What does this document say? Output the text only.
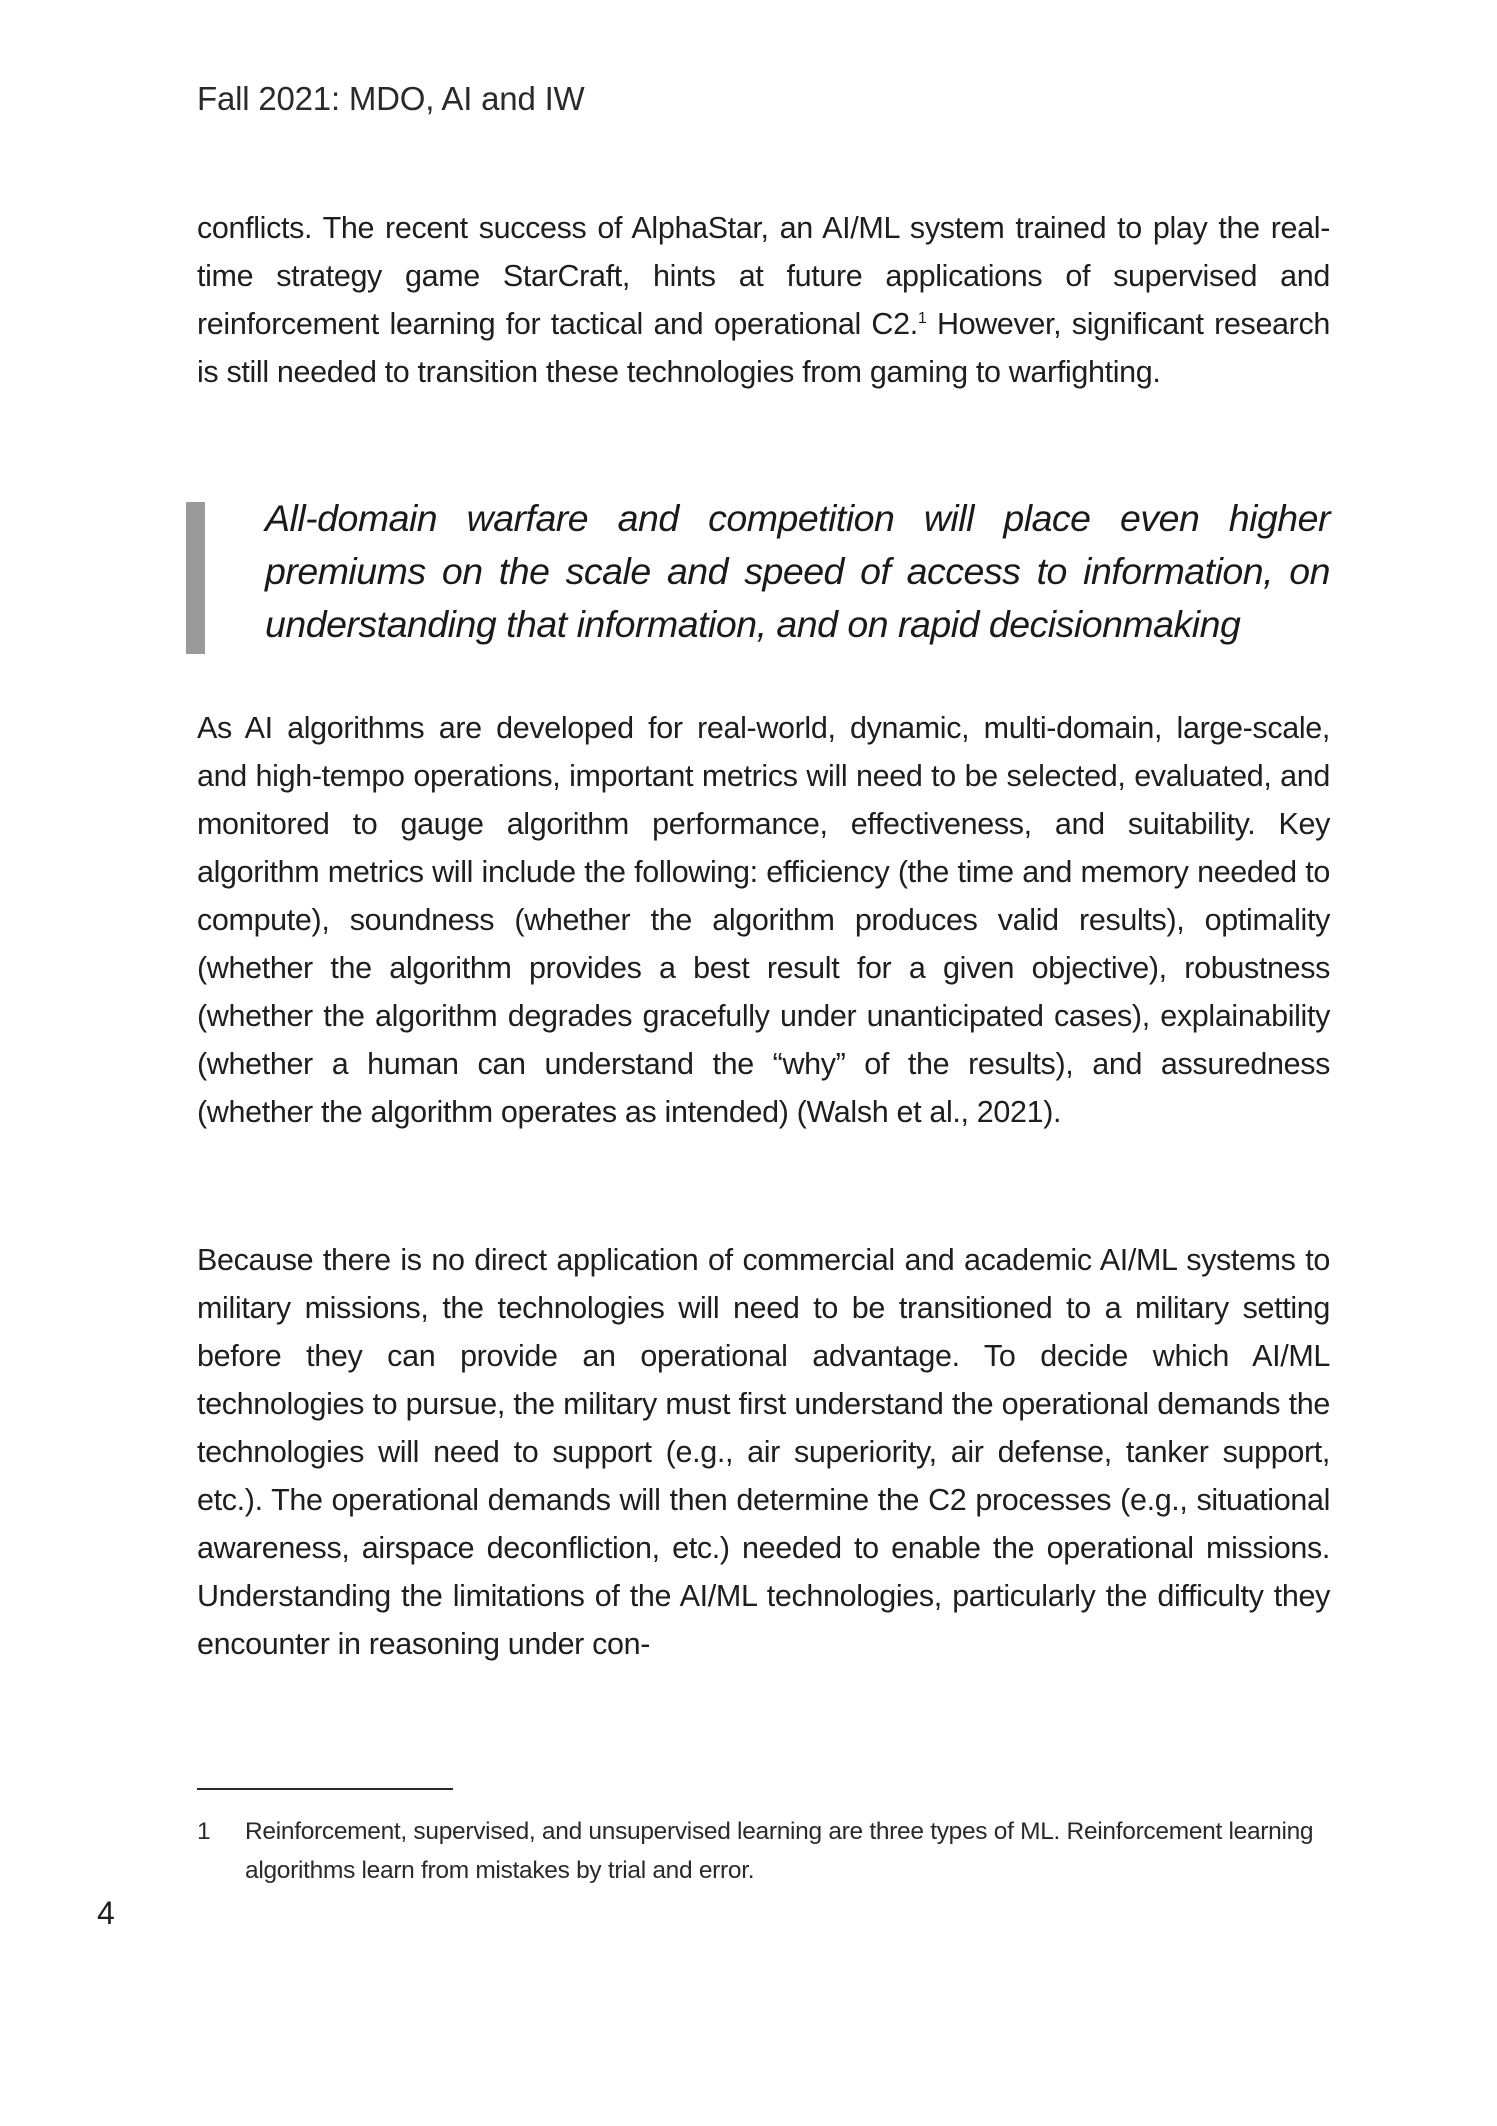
Fall 2021: MDO, AI and IW

conflicts. The recent success of AlphaStar, an AI/ML system trained to play the real-time strategy game StarCraft, hints at future applications of supervised and reinforcement learning for tactical and operational C2.$^1$ However, significant research is still needed to transition these technologies from gaming to warfighting.

All-domain warfare and competition will place even higher premiums on the scale and speed of access to information, on understanding that information, and on rapid decisionmaking

As AI algorithms are developed for real-world, dynamic, multi-domain, large-scale, and high-tempo operations, important metrics will need to be selected, evaluated, and monitored to gauge algorithm performance, effectiveness, and suitability. Key algorithm metrics will include the following: efficiency (the time and memory needed to compute), soundness (whether the algorithm produces valid results), optimality (whether the algorithm provides a best result for a given objective), robustness (whether the algorithm degrades gracefully under unanticipated cases), explainability (whether a human can understand the “why” of the results), and assuredness (whether the algorithm operates as intended) (Walsh et al., 2021).

Because there is no direct application of commercial and academic AI/ML systems to military missions, the technologies will need to be transitioned to a military setting before they can provide an operational advantage. To decide which AI/ML technologies to pursue, the military must first understand the operational demands the technologies will need to support (e.g., air superiority, air defense, tanker support, etc.). The operational demands will then determine the C2 processes (e.g., situational awareness, airspace deconfliction, etc.) needed to enable the operational missions. Understanding the limitations of the AI/ML technologies, particularly the difficulty they encounter in reasoning under con-

1 Reinforcement, supervised, and unsupervised learning are three types of ML. Reinforcement learning algorithms learn from mistakes by trial and error.
4
